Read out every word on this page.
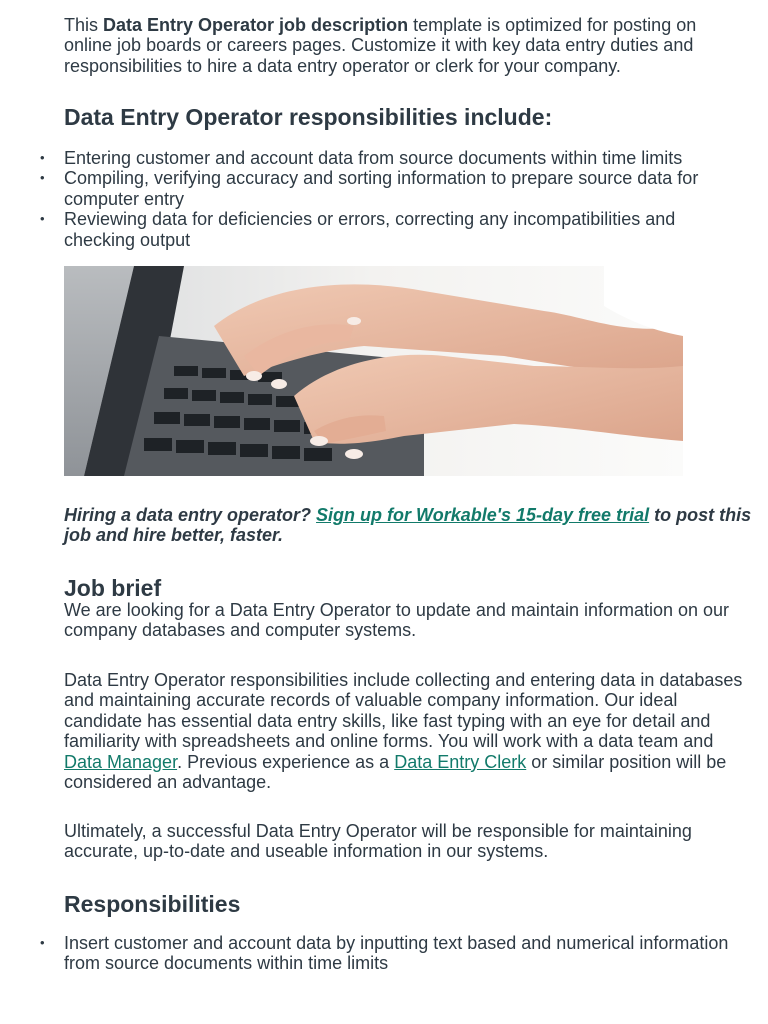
This Data Entry Operator job description template is optimized for posting on online job boards or careers pages. Customize it with key data entry duties and responsibilities to hire a data entry operator or clerk for your company.

Data Entry Operator responsibilities include:
• Entering customer and account data from source documents within time limits
• Compiling, verifying accuracy and sorting information to prepare source data for computer entry
• Reviewing data for deficiencies or errors, correcting any incompatibilities and checking output

Hiring a data entry operator? Sign up for Workable's 15-day free trial to post this job and hire better, faster.

Job brief

We are looking for a Data Entry Operator to update and maintain information on our company databases and computer systems.

Data Entry Operator responsibilities include collecting and entering data in databases and maintaining accurate records of valuable company information. Our ideal candidate has essential data entry skills, like fast typing with an eye for detail and familiarity with spreadsheets and online forms. You will work with a data team and Data Manager. Previous experience as a Data Entry Clerk or similar position will be considered an advantage.

Ultimately, a successful Data Entry Operator will be responsible for maintaining accurate, up-to-date and useable information in our systems.

Responsibilities
• Insert customer and account data by inputting text based and numerical information from source documents within time limits
